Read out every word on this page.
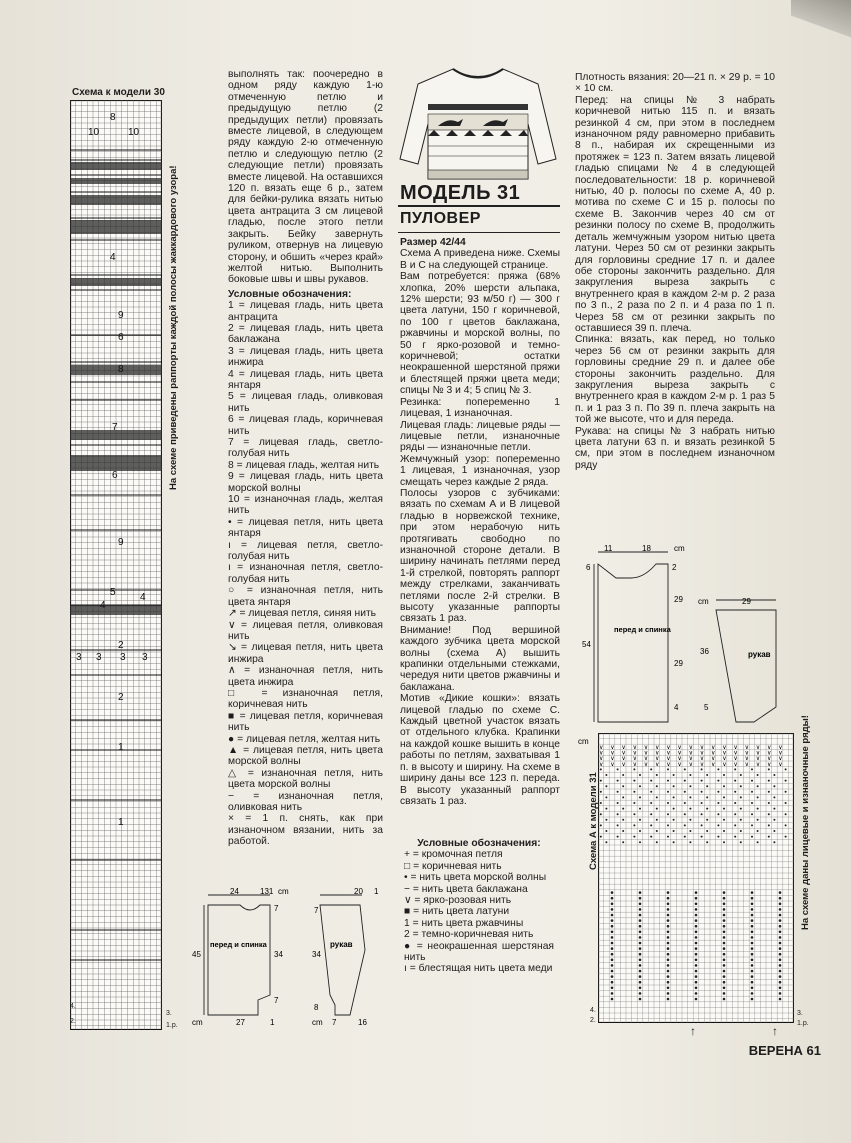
Схема к модели 30
На схеме приведены раппорты каждой полосы жаккардового узора!
10
8
10
4
9
6
8
7
6
9
5 4
4
3 3 3 3
2
2
1
1
4.
2.
3.
1.р.

выполнять так: поочередно в одном ряду каждую 1-ю отмеченную петлю и предыдущую петлю (2 предыдущих петли) провязать вместе лицевой, в следующем ряду каждую 2-ю отмеченную петлю и следующую петлю (2 следующие петли) провязать вместе лицевой. На оставшихся 120 п. вязать еще 6 р., затем для бейки-рулика вязать нитью цвета антрацита 3 см лицевой гладью, после этого петли закрыть. Бейку завернуть руликом, отвернув на лицевую сторону, и обшить «через край» желтой нитью. Выполнить боковые швы и швы рукавов.

Условные обозначения:

1 = лицевая гладь, нить цвета антрацита

2 = лицевая гладь, нить цвета баклажана

3 = лицевая гладь, нить цвета инжира

4 = лицевая гладь, нить цвета янтаря

5 = лицевая гладь, оливковая нить

6 = лицевая гладь, коричневая нить

7 = лицевая гладь, светло-голубая нить

8 = лицевая гладь, желтая нить

9 = лицевая гладь, нить цвета морской волны

10 = изнаночная гладь, желтая нить

• = лицевая петля, нить цвета янтаря

ı = лицевая петля, светло-голубая нить

ı = изнаночная петля, светло-голубая нить

○ = изнаночная петля, нить цвета янтаря

↗ = лицевая петля, синяя нить

∨ = лицевая петля, оливковая нить

↘ = лицевая петля, нить цвета инжира

∧ = изнаночная петля, нить цвета инжира

□ = изнаночная петля, коричневая нить

■ = лицевая петля, коричневая нить

● = лицевая петля, желтая нить

▲ = лицевая петля, нить цвета морской волны

△ = изнаночная петля, нить цвета морской волны

− = изнаночная петля, оливковая нить

× = 1 п. снять, как при изнаночном вязании, нить за работой.

24	131 cm
7
45	34
7
27	1
cm
20 1
7
34
8
7	16
cm
перед и спинка	рукав
МОДЕЛЬ 31
ПУЛОВЕР

Размер 42/44

Схема А приведена ниже. Схемы В и С на следующей странице.

Вам потребуется: пряжа (68% хлопка, 20% шерсти альпака, 12% шерсти; 93 м/50 г) — 300 г цвета латуни, 150 г коричневой, по 100 г цветов баклажана, ржавчины и морской волны, по 50 г ярко-розовой и темно-коричневой; остатки неокрашенной шерстяной пряжи и блестящей пряжи цвета меди; спицы № 3 и 4; 5 спиц № 3.

Резинка: попеременно 1 лицевая, 1 изнаночная.

Лицевая гладь: лицевые ряды — лицевые петли, изнаночные ряды — изнаночные петли.

Жемчужный узор: попеременно 1 лицевая, 1 изнаночная, узор смещать через каждые 2 ряда.

Полосы узоров с зубчиками: вязать по схемам А и В лицевой гладью в норвежской технике, при этом нерабочую нить протягивать свободно по изнаночной стороне детали. В ширину начинать петлями перед 1-й стрелкой, повторять раппорт между стрелками, заканчивать петлями после 2-й стрелки. В высоту указанные раппорты связать 1 раз.

Внимание! Под вершиной каждого зубчика цвета морской волны (схема А) вышить крапинки отдельными стежками, чередуя нити цветов ржавчины и баклажана.

Мотив «Дикие кошки»: вязать лицевой гладью по схеме С. Каждый цветной участок вязать от отдельного клубка. Крапинки на каждой кошке вышить в конце работы по петлям, захватывая 1 п. в высоту и ширину. На схеме в ширину даны все 123 п. переда. В высоту указанный раппорт связать 1 раз.

Условные обозначения:

+ = кромочная петля

□ = коричневая нить

• = нить цвета морской волны

− = нить цвета баклажана

∨ = ярко-розовая нить

■ = нить цвета латуни

1 = нить цвета ржавчины

2 = темно-коричневая нить

● = неокрашенная шерстяная нить

ı = блестящая нить цвета меди

Плотность вязания: 20—21 п. × 29 р. = 10 × 10 см.

Перед: на спицы № 3 набрать коричневой нитью 115 п. и вязать резинкой 4 см, при этом в последнем изнаночном ряду равномерно прибавить 8 п., набирая их скрещенными из протяжек = 123 п. Затем вязать лицевой гладью спицами № 4 в следующей последовательности: 18 р. коричневой нитью, 40 р. полосы по схеме А, 40 р. мотива по схеме С и 15 р. полосы по схеме В. Закончив через 40 см от резинки полосу по схеме В, продолжить деталь жемчужным узором нитью цвета латуни. Через 50 см от резинки закрыть для горловины средние 17 п. и далее обе стороны закончить раздельно. Для закругления выреза закрыть с внутреннего края в каждом 2-м р. 2 раза по 3 п., 2 раза по 2 п. и 4 раза по 1 п. Через 58 см от резинки закрыть по оставшиеся 39 п. плеча.

Спинка: вязать, как перед, но только через 56 см от резинки закрыть для горловины средние 29 п. и далее обе стороны закончить раздельно. Для закругления выреза закрыть с внутреннего края в каждом 2-м р. 1 раз 5 п. и 1 раз 3 п. По 39 п. плеча закрыть на той же высоте, что и для переда.

Рукава: на спицы № 3 набрать нитью цвета латуни 63 п. и вязать резинкой 5 см, при этом в последнем изнаночном ряду

11	18	cm
6	2
54
29
29
29
36
4	5
cm
cm
перед и спинка
рукав
Схема А к модели 31	На схеме даны лицевые и изнаночные ряды!
∨ ∨ ∨ ∨ ∨ ∨ ∨ ∨ ∨ ∨ ∨ ∨ ∨ ∨ ∨ ∨ ∨
∨ ∨ ∨ ∨ ∨ ∨ ∨ ∨ ∨ ∨ ∨ ∨ ∨ ∨ ∨ ∨ ∨
∨ ∨ ∨ ∨ ∨ ∨ ∨ ∨ ∨ ∨ ∨ ∨ ∨ ∨ ∨ ∨ ∨
∨ ∨ ∨ ∨ ∨ ∨ ∨ ∨ ∨ ∨ ∨ ∨ ∨ ∨ ∨ ∨ ∨
4.
2.
3.
1.р.
↑	↑
ВЕРЕНА 61
